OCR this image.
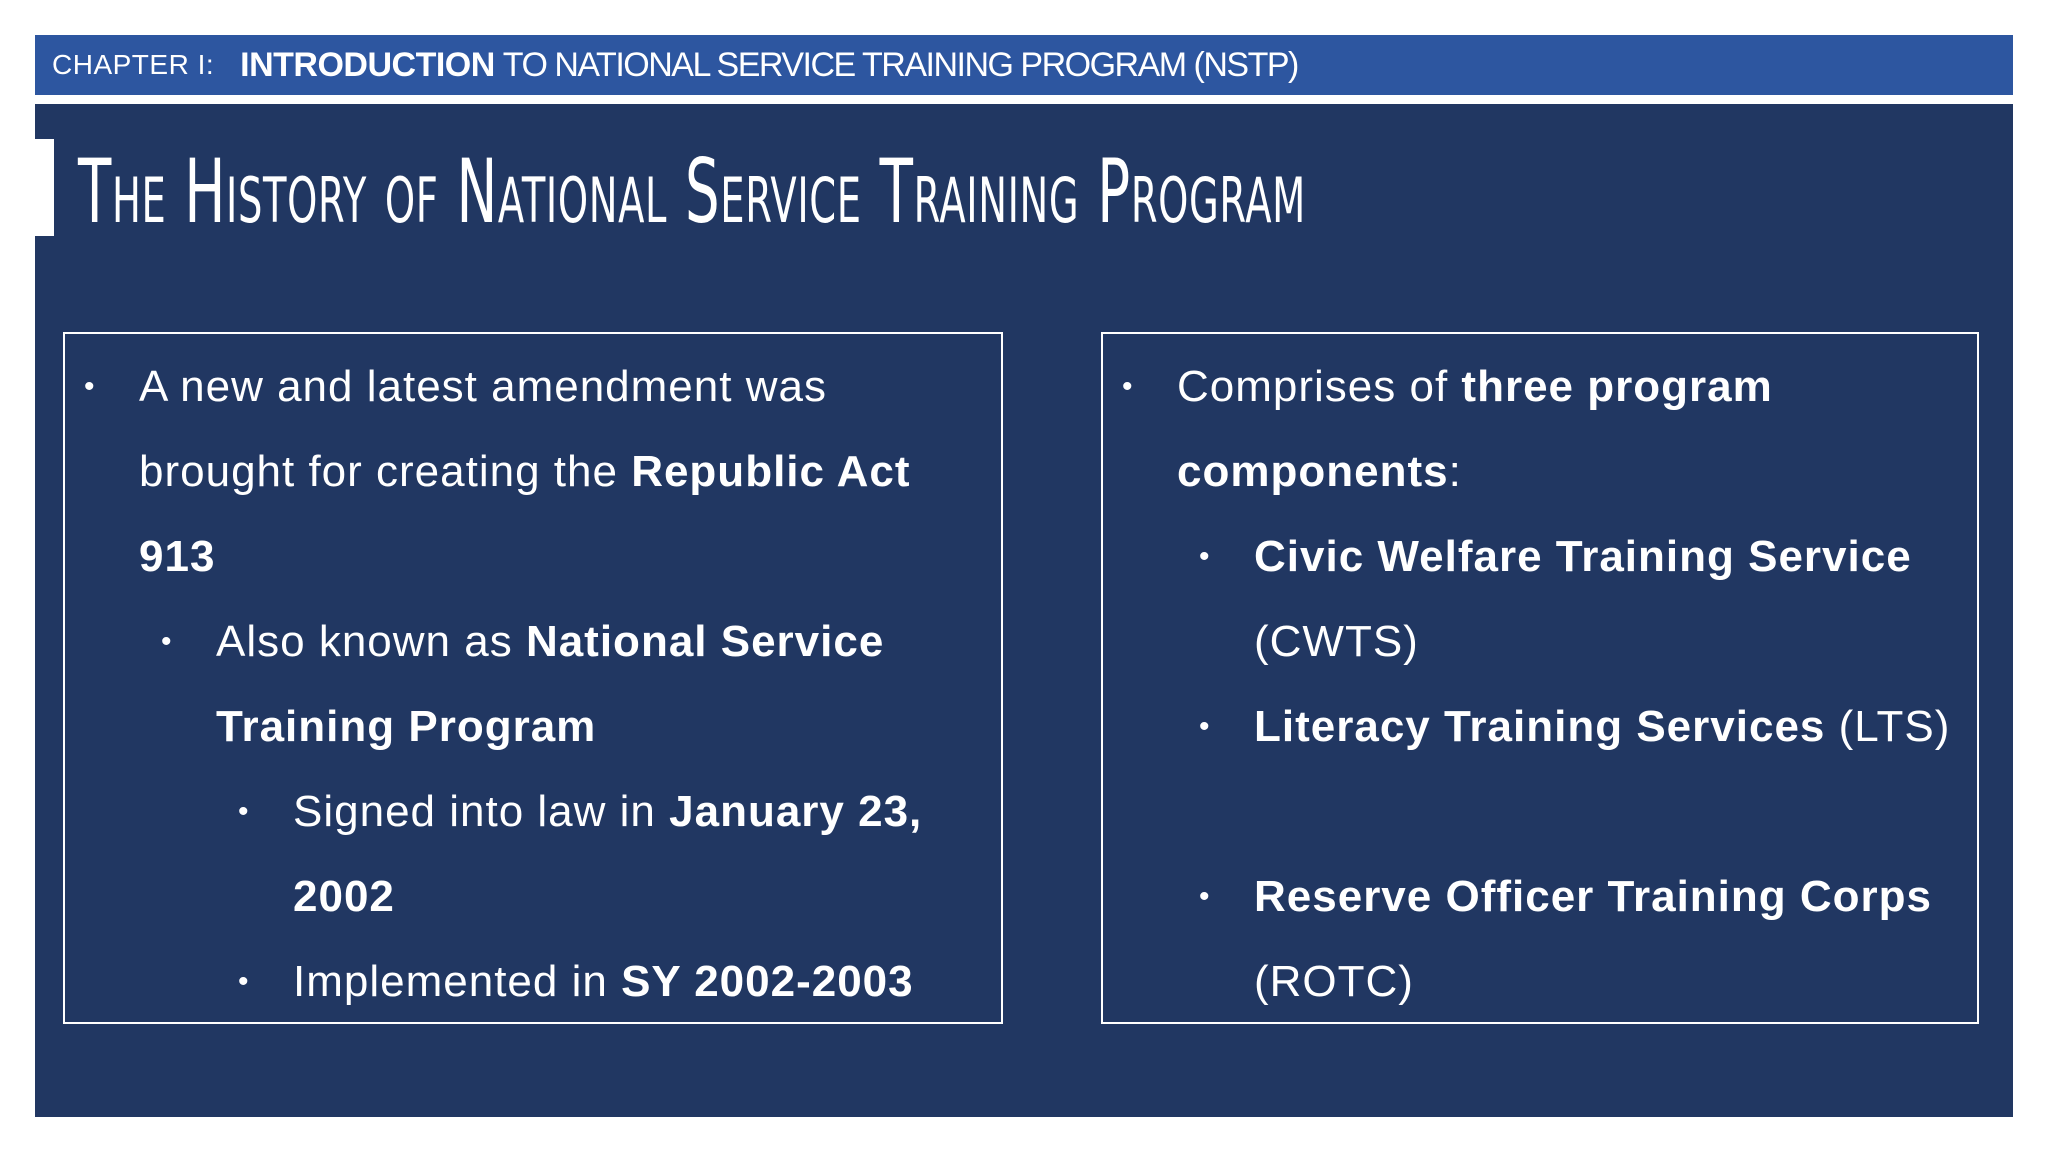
CHAPTER I: INTRODUCTION TO NATIONAL SERVICE TRAINING PROGRAM (NSTP)
The History of National Service Training Program
• A new and latest amendment was brought for creating the Republic Act 913
• Also known as National Service Training Program
• Signed into law in January 23, 2002
• Implemented in SY 2002-2003
• Comprises of three program components:
• Civic Welfare Training Service (CWTS)
• Literacy Training Services (LTS)
• Reserve Officer Training Corps (ROTC)
